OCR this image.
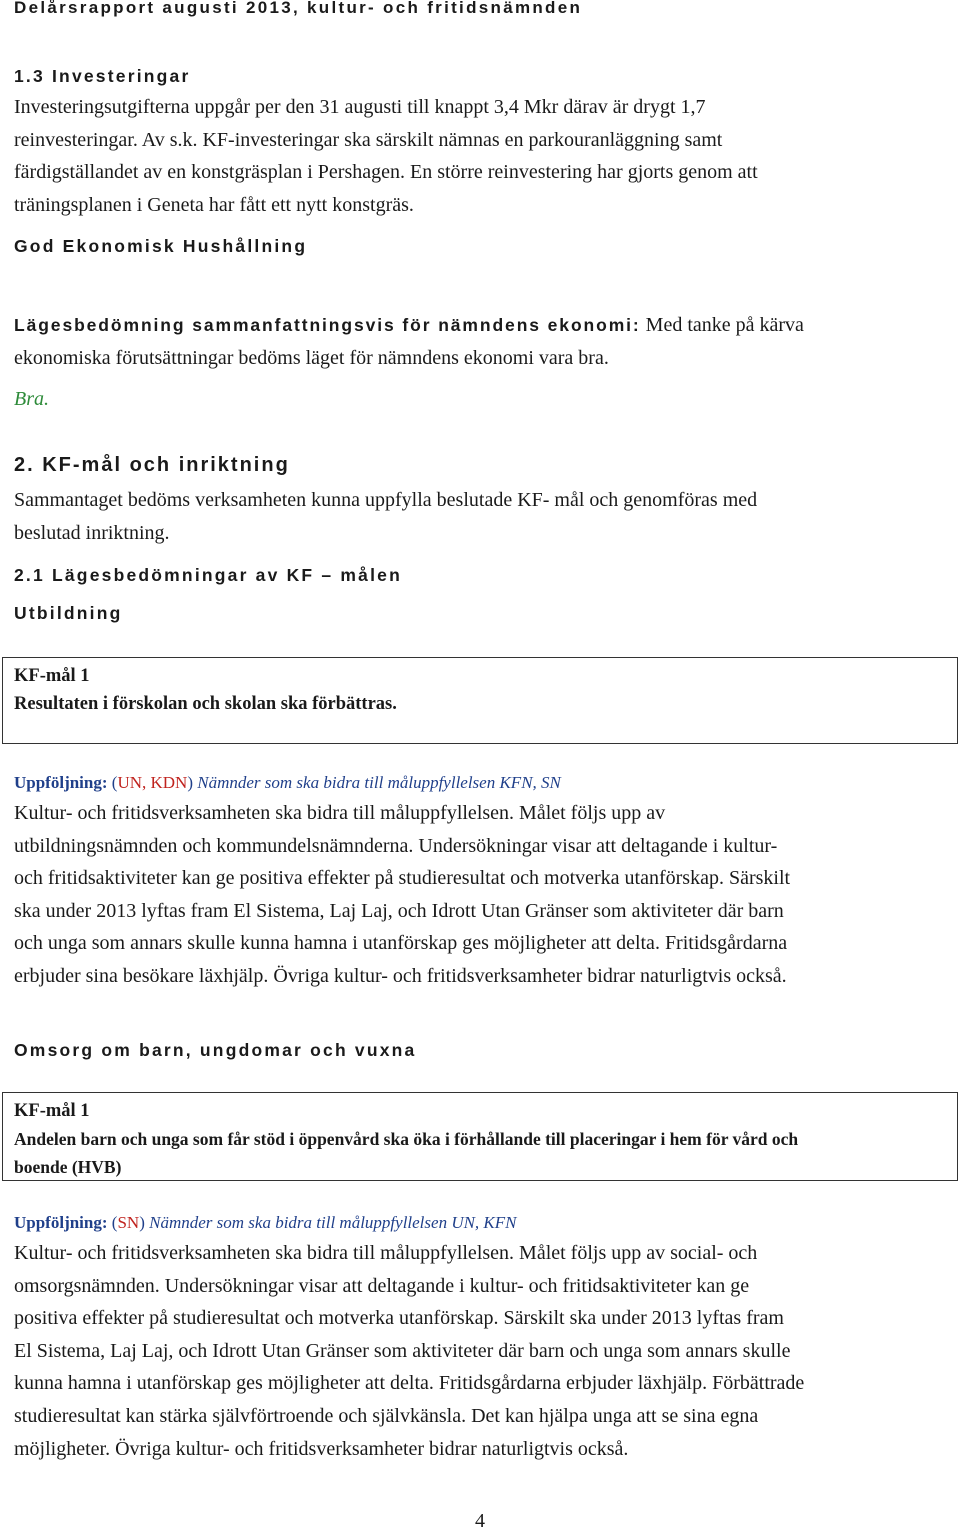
Delårsrapport augusti 2013, kultur- och fritidsnämnden
1.3 Investeringar

Investeringsutgifterna uppgår per den 31 augusti till knappt 3,4 Mkr därav är drygt 1,7

reinvesteringar. Av s.k. KF-investeringar ska särskilt nämnas en parkouranläggning samt

färdigställandet av en konstgräsplan i Pershagen. En större reinvestering har gjorts genom att

träningsplanen i Geneta har fått ett nytt konstgräs.

God Ekonomisk Hushållning

Lägesbedömning sammanfattningsvis för nämndens ekonomi: Med tanke på kärva

ekonomiska förutsättningar bedöms läget för nämndens ekonomi vara bra.

Bra.
2. KF-mål och inriktning

Sammantaget bedöms verksamheten kunna uppfylla beslutade KF- mål och genomföras med

beslutad inriktning.

2.1 Lägesbedömningar av KF – målen
Utbildning
KF-mål 1
Resultaten i förskolan och skolan ska förbättras.
Uppföljning: (UN, KDN) Nämnder som ska bidra till måluppfyllelsen KFN, SN

Kultur- och fritidsverksamheten ska bidra till måluppfyllelsen. Målet följs upp av

utbildningsnämnden och kommundelsnämnderna. Undersökningar visar att deltagande i kultur-

och fritidsaktiviteter kan ge positiva effekter på studieresultat och motverka utanförskap. Särskilt

ska under 2013 lyftas fram El Sistema, Laj Laj, och Idrott Utan Gränser som aktiviteter där barn

och unga som annars skulle kunna hamna i utanförskap ges möjligheter att delta. Fritidsgårdarna

erbjuder sina besökare läxhjälp. Övriga kultur- och fritidsverksamheter bidrar naturligtvis också.

Omsorg om barn, ungdomar och vuxna
KF-mål 1
Andelen barn och unga som får stöd i öppenvård ska öka i förhållande till placeringar i hem för vård och
boende (HVB)
Uppföljning: (SN) Nämnder som ska bidra till måluppfyllelsen UN, KFN

Kultur- och fritidsverksamheten ska bidra till måluppfyllelsen. Målet följs upp av social- och

omsorgsnämnden. Undersökningar visar att deltagande i kultur- och fritidsaktiviteter kan ge

positiva effekter på studieresultat och motverka utanförskap. Särskilt ska under 2013 lyftas fram

El Sistema, Laj Laj, och Idrott Utan Gränser som aktiviteter där barn och unga som annars skulle

kunna hamna i utanförskap ges möjligheter att delta. Fritidsgårdarna erbjuder läxhjälp. Förbättrade

studieresultat kan stärka självförtroende och självkänsla. Det kan hjälpa unga att se sina egna

möjligheter. Övriga kultur- och fritidsverksamheter bidrar naturligtvis också.

4
